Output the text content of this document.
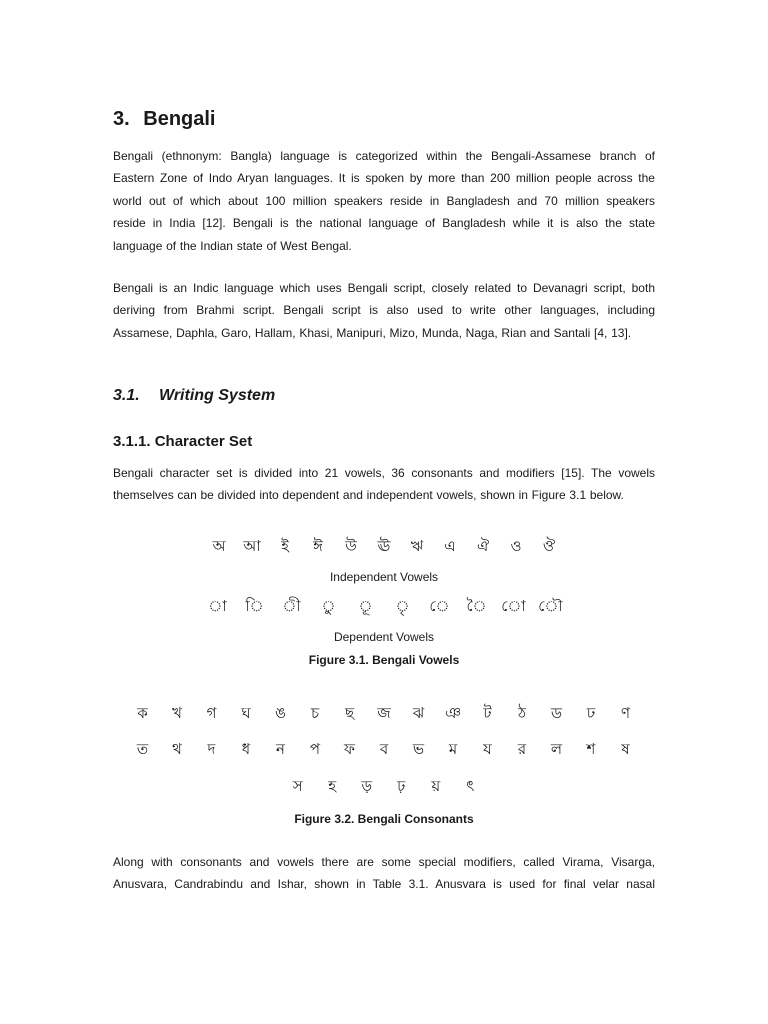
3. Bengali

Bengali (ethnonym: Bangla) language is categorized within the Bengali-Assamese branch of
Eastern Zone of Indo Aryan languages. It is spoken by more than 200 million people across the
world out of which about 100 million speakers reside in Bangladesh and 70 million speakers
reside in India [12]. Bengali is the national language of Bangladesh while it is also the state
language of the Indian state of West Bengal.

Bengali is an Indic language which uses Bengali script, closely related to Devanagri script, both
deriving from Brahmi script. Bengali script is also used to write other languages, including
Assamese, Daphla, Garo, Hallam, Khasi, Manipuri, Mizo, Munda, Naga, Rian and Santali [4, 13].

3.1. Writing System
3.1.1. Character Set

Bengali character set is divided into 21 vowels, 36 consonants and modifiers [15]. The vowels
themselves can be divided into dependent and independent vowels, shown in Figure 3.1 below.

অ আ ই ঈ উ ঊ ঋ এ ঐ ও ঔ

Independent Vowels

া ি ী ু ূ ৃ ে ৈ ো ৌ

Dependent Vowels

Figure 3.1. Bengali Vowels

ক খ গ ঘ ঙ চ ছ জ ঝ ঞ ট ঠ ড ঢ ণ
ত থ দ ধ ন প ফ ব ভ ম য র ল শ ষ
স হ ড় ঢ় য় ৎ

Figure 3.2. Bengali Consonants

Along with consonants and vowels there are some special modifiers, called Virama, Visarga,
Anusvara, Candrabindu and Ishar, shown in Table 3.1. Anusvara is used for final velar nasal
